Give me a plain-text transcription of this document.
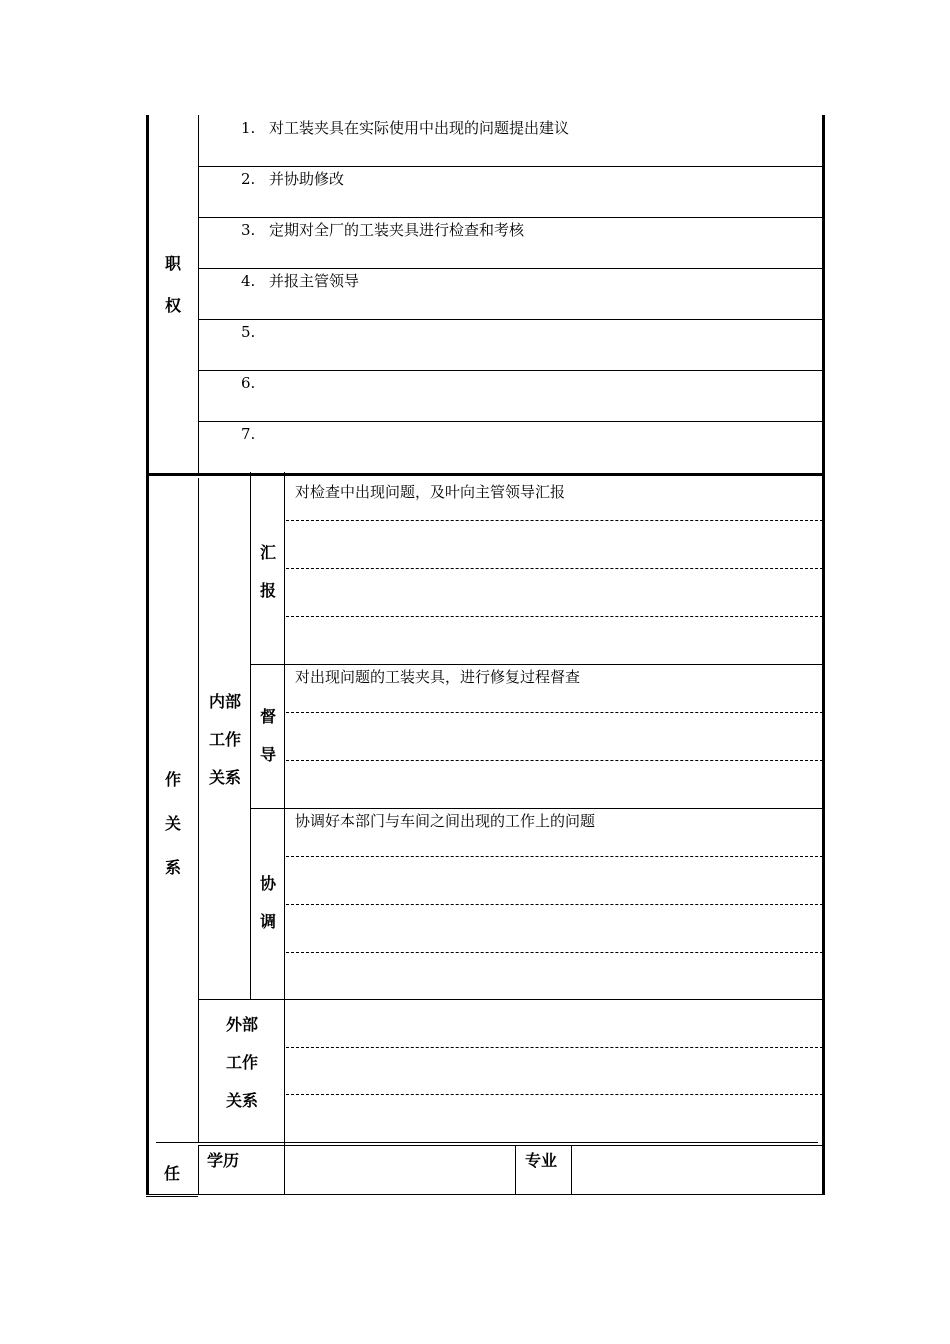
职
权
1. 对工装夹具在实际使用中出现的问题提出建议
2. 并协助修改
3. 定期对全厂的工装夹具进行检查和考核
4. 并报主管领导
5.
6.
7.
作
关
系
内部
工作
关系
汇
报
对检查中出现问题，及叶向主管领导汇报
督
导
对出现问题的工装夹具，进行修复过程督查
协
调
协调好本部门与车间之间出现的工作上的问题
外部
工作
关系
任
学历	专业
